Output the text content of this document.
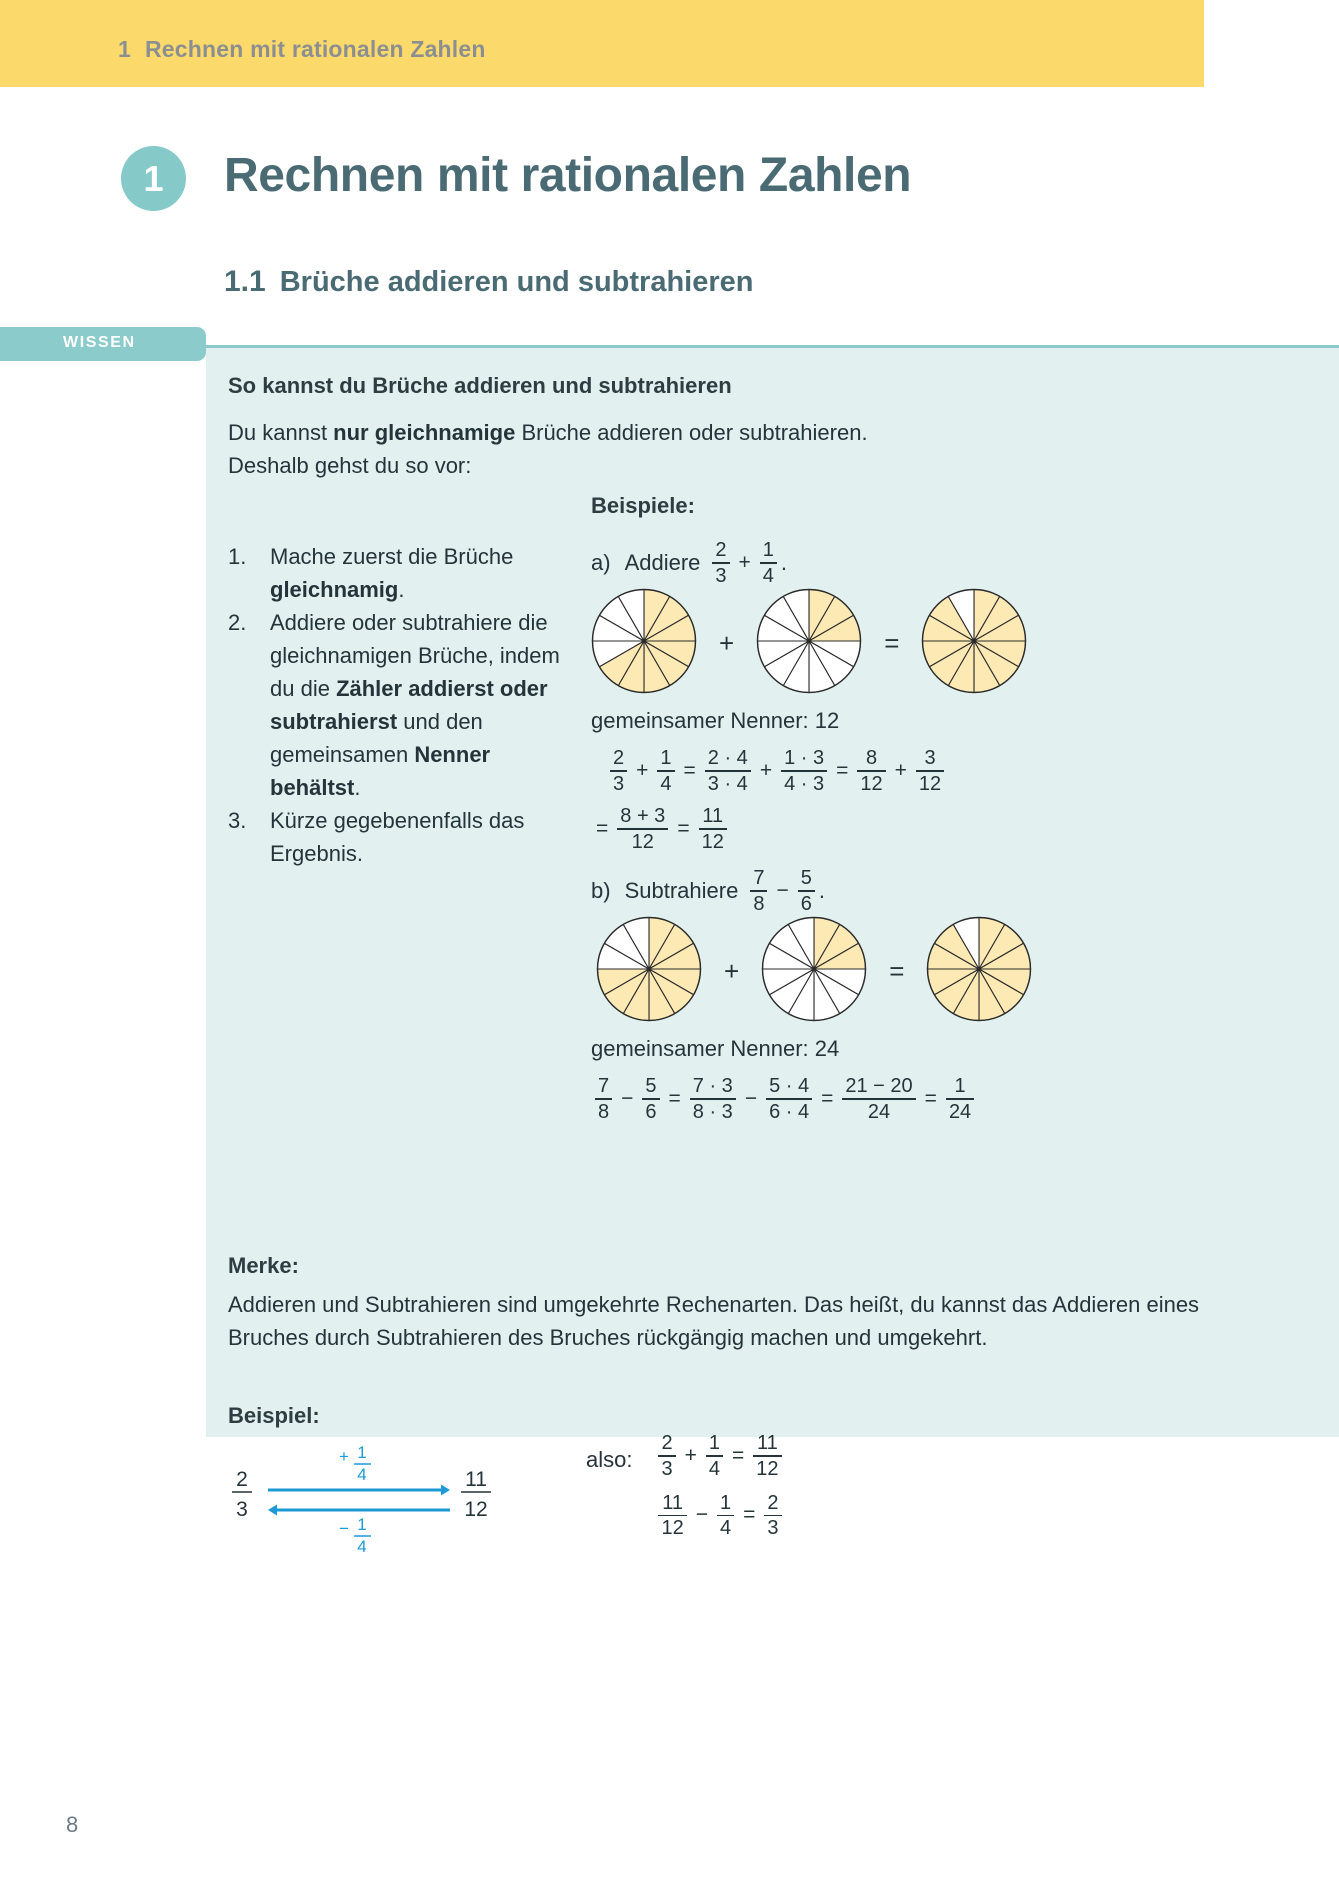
1 Rechnen mit rationalen Zahlen
1	Rechnen mit rationalen Zahlen
1.1 Brüche addieren und subtrahieren
WISSEN
So kannst du Brüche addieren und subtrahieren
Du kannst nur gleichnamige Brüche addieren oder subtrahieren.
Deshalb gehst du so vor:
1.	Mache zuerst die Brüche gleichnamig.
2.	Addiere oder subtrahiere die gleichnamigen Brüche, indem du die Zähler addierst oder subtrahierst und den gemeinsamen Nenner behältst.
3.	Kürze gegebenenfalls das Ergebnis.
Beispiele:
a) Addiere $\frac{2}{3} + \frac{1}{4}$ .
+	=
gemeinsamer Nenner: 12
$\frac{2}{3} + \frac{1}{4} = \frac{2 \cdot 4}{3 \cdot 4} + \frac{1 \cdot 3}{4 \cdot 3} = \frac{8}{12} + \frac{3}{12}$
= $\frac{8 + 3}{12} = \frac{11}{12}$
b) Subtrahiere $\frac{7}{8} - \frac{5}{6}$ .
+	=
gemeinsamer Nenner: 24
$\frac{7}{8} - \frac{5}{6} = \frac{7 \cdot 3}{8 \cdot 3} - \frac{5 \cdot 4}{6 \cdot 4} = \frac{21 - 20}{24} = \frac{1}{24}$
Merke:
Addieren und Subtrahieren sind umgekehrte Rechenarten. Das heißt, du kannst das Addieren eines Bruches durch Subtrahieren des Bruches rückgängig machen und umgekehrt.
Beispiel:
2
3
11
12
+ 1
4
− 1
4
also: $\frac{2}{3} + \frac{1}{4} = \frac{11}{12}$
$\frac{11}{12} - \frac{1}{4} = \frac{2}{3}$
8
